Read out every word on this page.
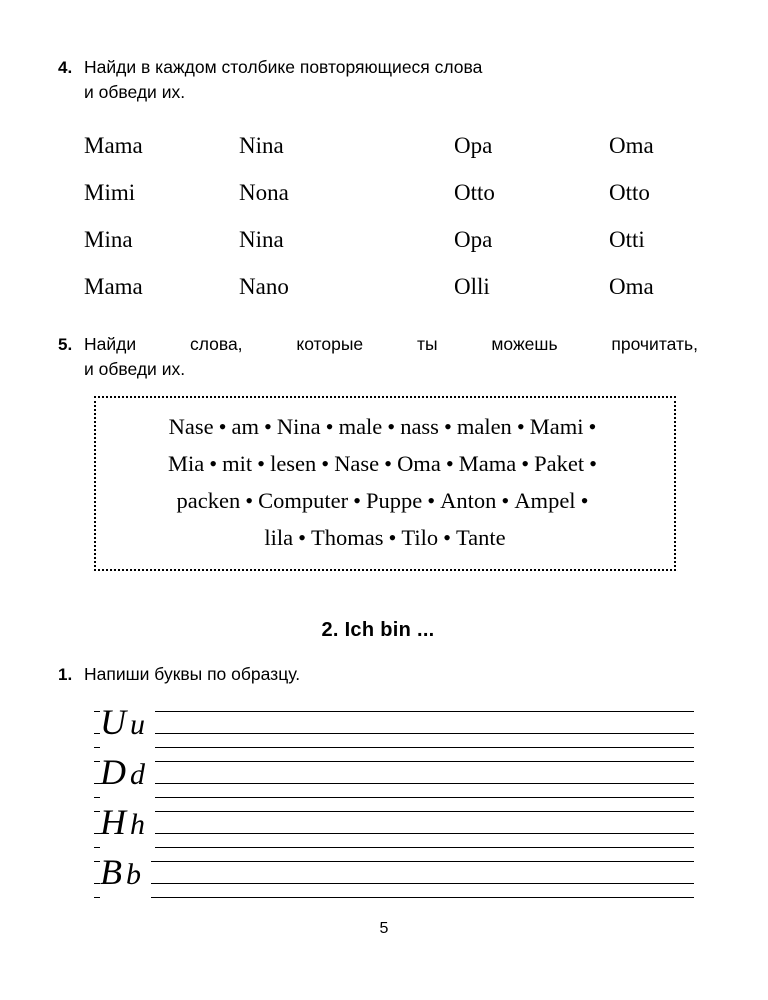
4. Найди в каждом столбике повторяющиеся слова
и обведи их.
Mama	Nina	Opa	Oma
Mimi	Nona	Otto	Otto
Mina	Nina	Opa	Otti
Mama	Nano	Olli	Oma
5. Найди слова, которые ты можешь прочитать,
и обведи их.
Nase • am • Nina • male • nass • malen • Mami •
Mia • mit • lesen • Nase • Oma • Mama • Paket •
packen • Computer • Puppe • Anton • Ampel •
lila • Thomas • Tilo • Tante
2. Ich bin ...
1. Напиши буквы по образцу.
Uu
Dd
Hh
Bb
5
